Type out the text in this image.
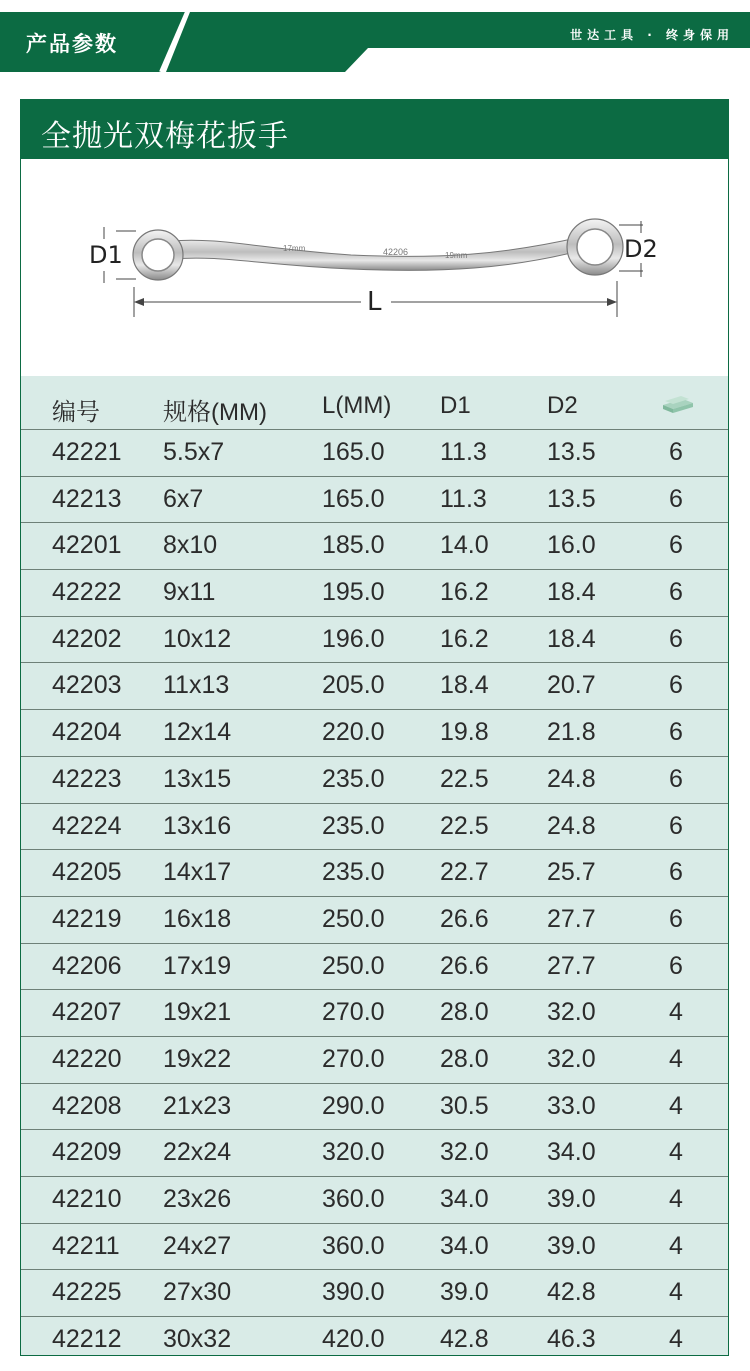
产品参数	世达工具 · 终身保用
全抛光双梅花扳手
17mm	42206	19mm
D1	D2
L
编号	规格(MM) L(MM) D1	D2
42221 5.5x7	165.0 11.3 13.5	6
42213 6x7	165.0 11.3 13.5	6
42201 8x10	185.0 14.0 16.0	6
42222 9x11	195.0 16.2 18.4	6
42202 10x12	196.0 16.2 18.4	6
42203 11x13	205.0 18.4 20.7	6
42204 12x14	220.0 19.8 21.8	6
42223 13x15	235.0 22.5 24.8	6
42224 13x16	235.0 22.5 24.8	6
42205 14x17	235.0 22.7 25.7	6
42219 16x18	250.0 26.6 27.7	6
42206 17x19	250.0 26.6 27.7	6
42207 19x21	270.0 28.0 32.0	4
42220 19x22	270.0 28.0 32.0	4
42208 21x23	290.0 30.5 33.0	4
42209 22x24	320.0 32.0 34.0	4
42210 23x26	360.0 34.0 39.0	4
42211 24x27	360.0 34.0 39.0	4
42225 27x30	390.0 39.0 42.8	4
42212 30x32	420.0 42.8 46.3	4
